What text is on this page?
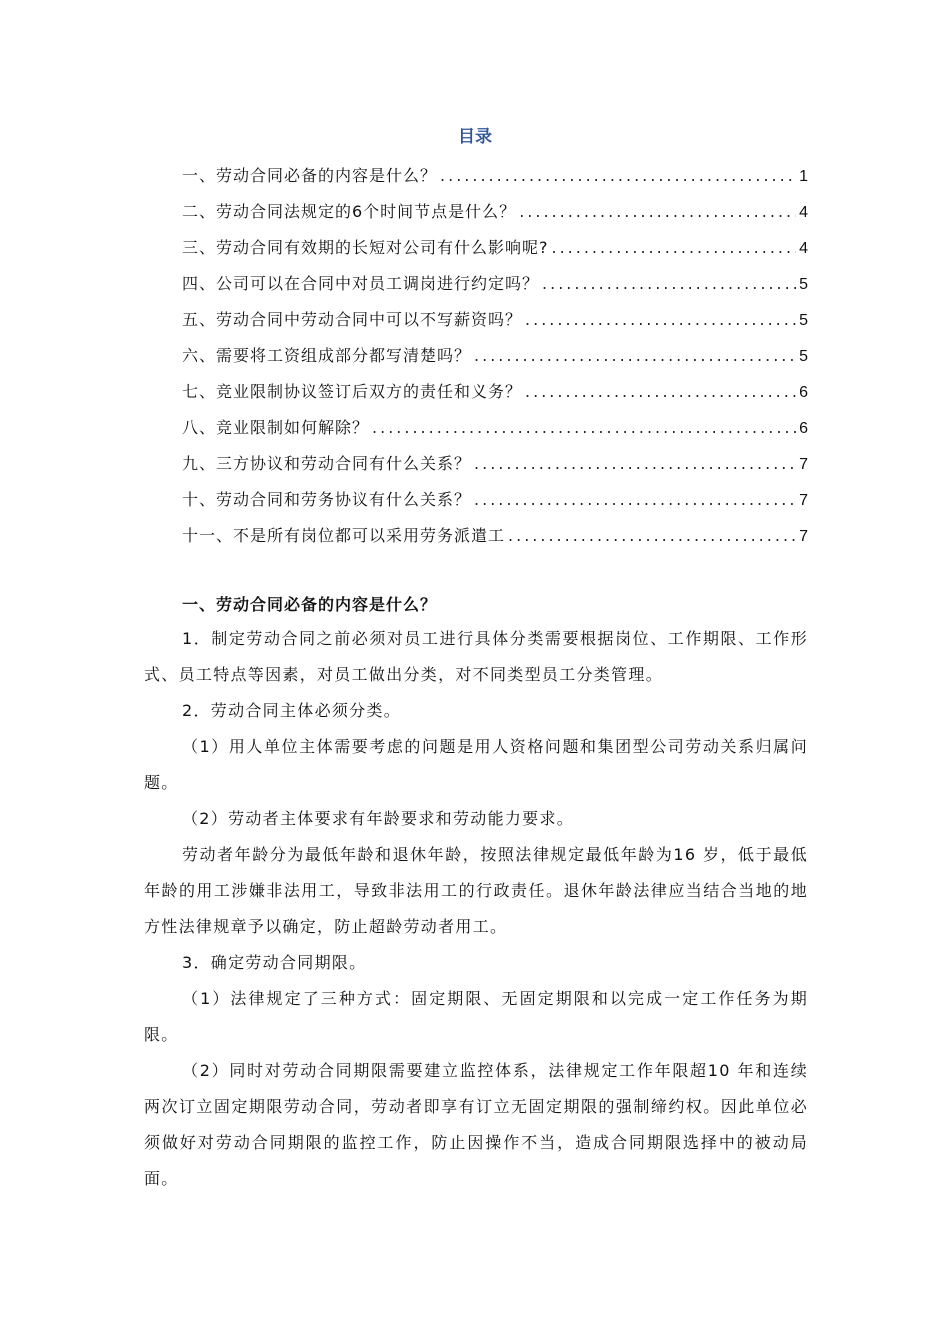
目录
一、劳动合同必备的内容是什么？ .....	1
二、劳动合同法规定的6个时间节点是什么？ .....	4
三、劳动合同有效期的长短对公司有什么影响呢? .....	4
四、公司可以在合同中对员工调岗进行约定吗？ .....	5
五、劳动合同中劳动合同中可以不写薪资吗？ .....	5
六、需要将工资组成部分都写清楚吗？ .....	5
七、竞业限制协议签订后双方的责任和义务？ .....	6
八、竞业限制如何解除？ .....	6
九、三方协议和劳动合同有什么关系？ .....	7
十、劳动合同和劳务协议有什么关系？ .....	7
十一、不是所有岗位都可以采用劳务派遣工 .....	7
一、劳动合同必备的内容是什么？

1．制定劳动合同之前必须对员工进行具体分类需要根据岗位、工作期限、工作形式、员工特点等因素，对员工做出分类，对不同类型员工分类管理。

2．劳动合同主体必须分类。

（1）用人单位主体需要考虑的问题是用人资格问题和集团型公司劳动关系归属问题。

（2）劳动者主体要求有年龄要求和劳动能力要求。

劳动者年龄分为最低年龄和退休年龄，按照法律规定最低年龄为16 岁，低于最低年龄的用工涉嫌非法用工，导致非法用工的行政责任。退休年龄法律应当结合当地的地方性法律规章予以确定，防止超龄劳动者用工。

3．确定劳动合同期限。

（1）法律规定了三种方式：固定期限、无固定期限和以完成一定工作任务为期限。

（2）同时对劳动合同期限需要建立监控体系，法律规定工作年限超10 年和连续两次订立固定期限劳动合同，劳动者即享有订立无固定期限的强制缔约权。因此单位必须做好对劳动合同期限的监控工作，防止因操作不当，造成合同期限选择中的被动局面。
